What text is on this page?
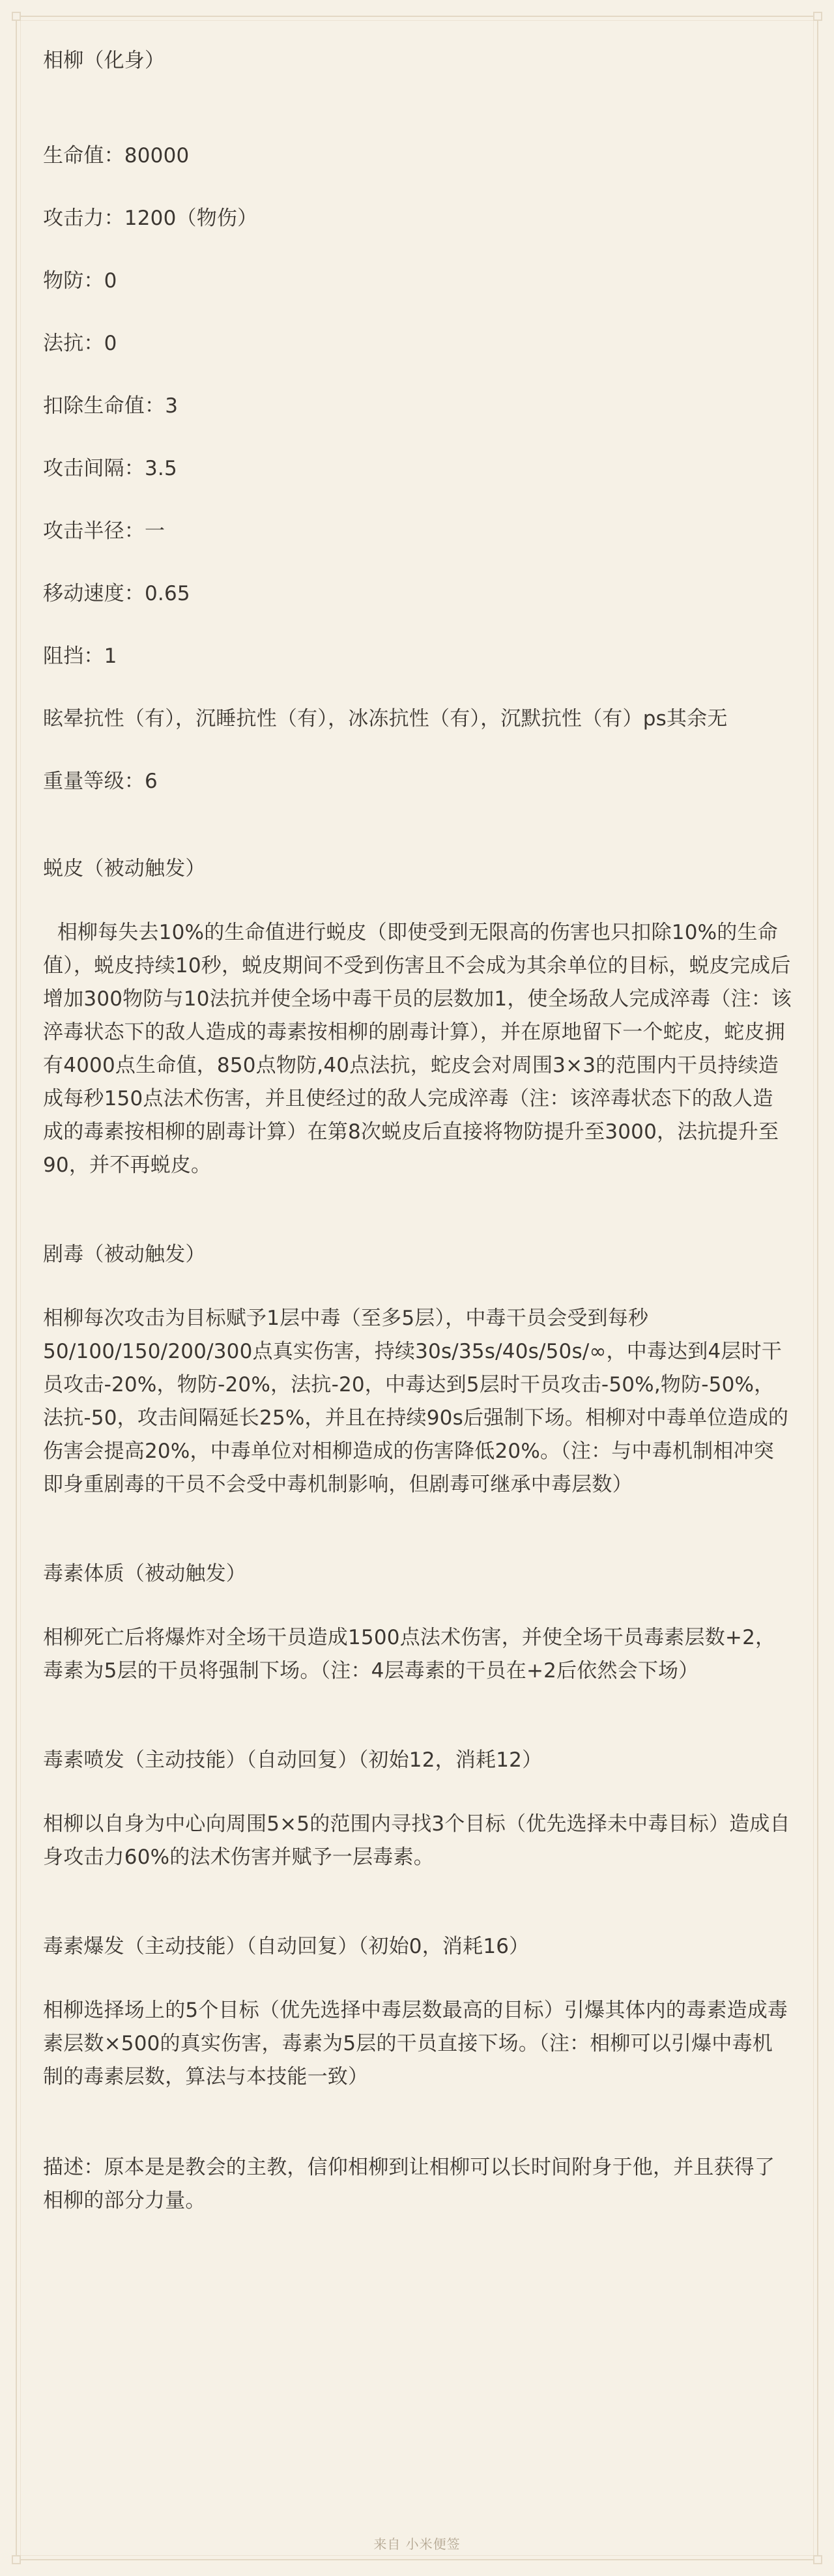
相柳（化身）
生命值：80000
攻击力：1200（物伤）
物防：0
法抗：0
扣除生命值：3
攻击间隔：3.5
攻击半径：一
移动速度：0.65
阻挡：1
眩晕抗性（有），沉睡抗性（有），冰冻抗性（有），沉默抗性（有）ps其余无
重量等级：6
蜕皮（被动触发）
相柳每失去10%的生命值进行蜕皮（即使受到无限高的伤害也只扣除10%的生命值），蜕皮持续10秒，蜕皮期间不受到伤害且不会成为其余单位的目标，蜕皮完成后增加300物防与10法抗并使全场中毒干员的层数加1，使全场敌人完成淬毒（注：该淬毒状态下的敌人造成的毒素按相柳的剧毒计算），并在原地留下一个蛇皮，蛇皮拥有4000点生命值，850点物防,40点法抗，蛇皮会对周围3×3的范围内干员持续造成每秒150点法术伤害，并且使经过的敌人完成淬毒（注：该淬毒状态下的敌人造成的毒素按相柳的剧毒计算）在第8次蜕皮后直接将物防提升至3000，法抗提升至90，并不再蜕皮。
剧毒（被动触发）
相柳每次攻击为目标赋予1层中毒（至多5层），中毒干员会受到每秒50/100/150/200/300点真实伤害，持续30s/35s/40s/50s/∞，中毒达到4层时干员攻击-20%，物防-20%，法抗-20，中毒达到5层时干员攻击-50%,物防-50%，法抗-50，攻击间隔延长25%，并且在持续90s后强制下场。相柳对中毒单位造成的伤害会提高20%，中毒单位对相柳造成的伤害降低20%。（注：与中毒机制相冲突即身重剧毒的干员不会受中毒机制影响，但剧毒可继承中毒层数）
毒素体质（被动触发）
相柳死亡后将爆炸对全场干员造成1500点法术伤害，并使全场干员毒素层数+2，毒素为5层的干员将强制下场。（注：4层毒素的干员在+2后依然会下场）
毒素喷发（主动技能）（自动回复）（初始12，消耗12）
相柳以自身为中心向周围5×5的范围内寻找3个目标（优先选择未中毒目标）造成自身攻击力60%的法术伤害并赋予一层毒素。
毒素爆发（主动技能）（自动回复）（初始0，消耗16）
相柳选择场上的5个目标（优先选择中毒层数最高的目标）引爆其体内的毒素造成毒素层数×500的真实伤害，毒素为5层的干员直接下场。（注：相柳可以引爆中毒机制的毒素层数，算法与本技能一致）
描述：原本是是教会的主教，信仰相柳到让相柳可以长时间附身于他，并且获得了相柳的部分力量。
来自 小米便签
